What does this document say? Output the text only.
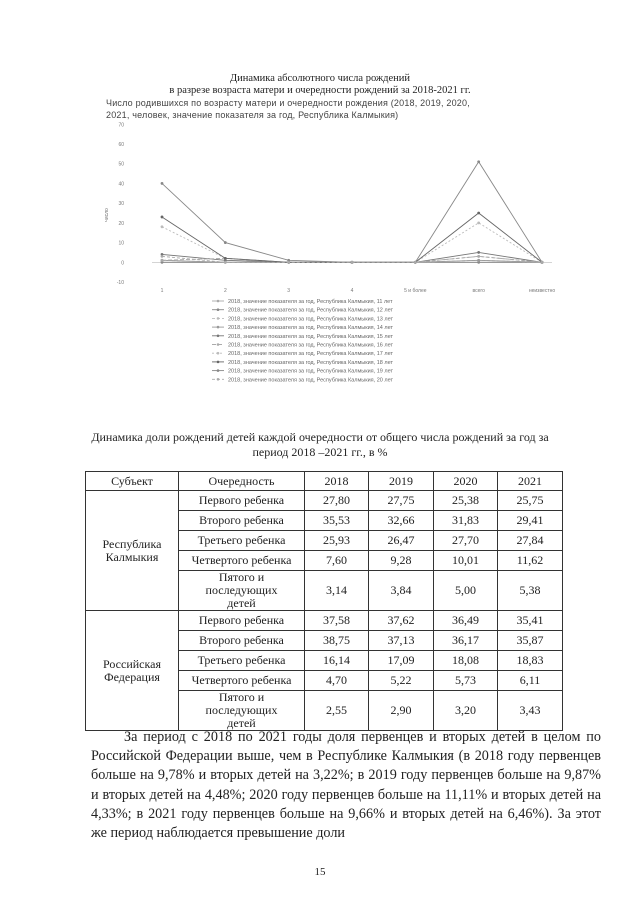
Динамика абсолютного числа рождений
в разрезе возраста матери и очередности рождений за 2018-2021 гг.
Число родившихся по возрасту матери и очередности рождения (2018, 2019, 2020,
2021, человек, значение показателя за год, Республика Калмыкия)
-10
0
10
20
30
40
50
60
70
число
1	2	3	4	5 и более	всего	неизвестно
2018, значение показателя за год, Республика Калмыкия, 11 лет
2018, значение показателя за год, Республика Калмыкия, 12 лет
2018, значение показателя за год, Республика Калмыкия, 13 лет
2018, значение показателя за год, Республика Калмыкия, 14 лет
2018, значение показателя за год, Республика Калмыкия, 15 лет
2018, значение показателя за год, Республика Калмыкия, 16 лет
2018, значение показателя за год, Республика Калмыкия, 17 лет
2018, значение показателя за год, Республика Калмыкия, 18 лет
2018, значение показателя за год, Республика Калмыкия, 19 лет
2018, значение показателя за год, Республика Калмыкия, 20 лет
Динамика доли рождений детей каждой очередности от общего числа рождений за год за
период 2018 –2021 гг., в %
Субъект	Очередность	2018	2019	2020	2021
Республика Калмыкия	Первого ребенка	27,80	27,75	25,38	25,75
	Второго ребенка	35,53	32,66	31,83	29,41
	Третьего ребенка	25,93	26,47	27,70	27,84
	Четвертого ребенка	7,60	9,28	10,01	11,62
	Пятого и последующих детей	3,14	3,84	5,00	5,38
Российская Федерация	Первого ребенка	37,58	37,62	36,49	35,41
	Второго ребенка	38,75	37,13	36,17	35,87
	Третьего ребенка	16,14	17,09	18,08	18,83
	Четвертого ребенка	4,70	5,22	5,73	6,11
	Пятого и последующих детей	2,55	2,90	3,20	3,43
За период с 2018 по 2021 годы доля первенцев и вторых детей в целом по Российской Федерации выше, чем в Республике Калмыкия (в 2018 году первенцев больше на 9,78% и вторых детей на 3,22%; в 2019 году первенцев больше на 9,87% и вторых детей на 4,48%; 2020 году первенцев больше на 11,11% и вторых детей на 4,33%; в 2021 году первенцев больше на 9,66% и вторых детей на 6,46%). За этот же период наблюдается превышение доли
15
